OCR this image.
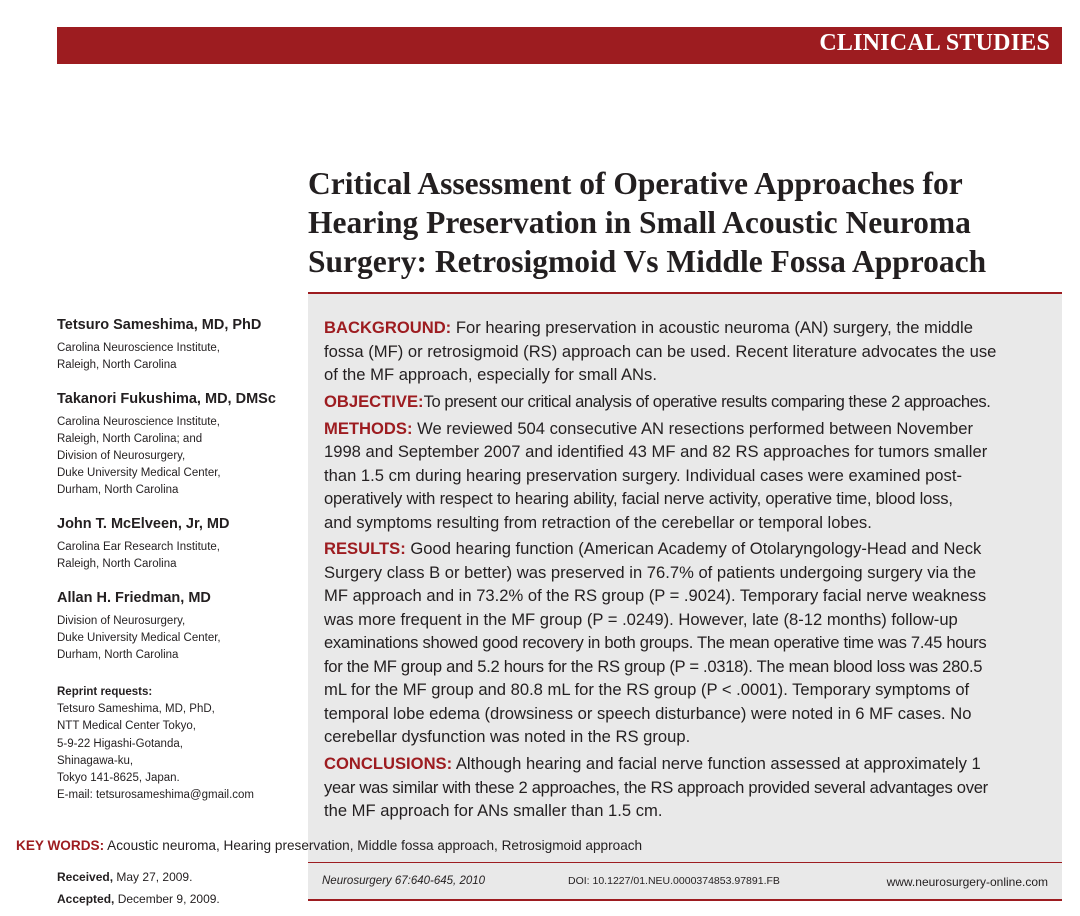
CLINICAL STUDIES
Critical Assessment of Operative Approaches for
Hearing Preservation in Small Acoustic Neuroma
Surgery: Retrosigmoid Vs Middle Fossa Approach
Tetsuro Sameshima, MD, PhD
Carolina Neuroscience Institute,
Raleigh, North Carolina
Takanori Fukushima, MD, DMSc
Carolina Neuroscience Institute,
Raleigh, North Carolina; and
Division of Neurosurgery,
Duke University Medical Center,
Durham, North Carolina
John T. McElveen, Jr, MD
Carolina Ear Research Institute,
Raleigh, North Carolina
Allan H. Friedman, MD
Division of Neurosurgery,
Duke University Medical Center,
Durham, North Carolina
Reprint requests:
Tetsuro Sameshima, MD, PhD,
NTT Medical Center Tokyo,
5-9-22 Higashi-Gotanda,
Shinagawa-ku,
Tokyo 141-8625, Japan.
E-mail: tetsurosameshima@gmail.com
Received, May 27, 2009.
Accepted, December 9, 2009.
BACKGROUND: For hearing preservation in acoustic neuroma (AN) surgery, the middle
fossa (MF) or retrosigmoid (RS) approach can be used. Recent literature advocates the use
of the MF approach, especially for small ANs.
OBJECTIVE:To present our critical analysis of operative results comparing these 2 approaches.
METHODS: We reviewed 504 consecutive AN resections performed between November
1998 and September 2007 and identified 43 MF and 82 RS approaches for tumors smaller
than 1.5 cm during hearing preservation surgery. Individual cases were examined post-
operatively with respect to hearing ability, facial nerve activity, operative time, blood loss,
and symptoms resulting from retraction of the cerebellar or temporal lobes.
RESULTS: Good hearing function (American Academy of Otolaryngology-Head and Neck
Surgery class B or better) was preserved in 76.7% of patients undergoing surgery via the
MF approach and in 73.2% of the RS group (P = .9024). Temporary facial nerve weakness
was more frequent in the MF group (P = .0249). However, late (8-12 months) follow-up
examinations showed good recovery in both groups. The mean operative time was 7.45 hours
for the MF group and 5.2 hours for the RS group (P = .0318). The mean blood loss was 280.5
mL for the MF group and 80.8 mL for the RS group (P < .0001). Temporary symptoms of
temporal lobe edema (drowsiness or speech disturbance) were noted in 6 MF cases. No
cerebellar dysfunction was noted in the RS group.
CONCLUSIONS: Although hearing and facial nerve function assessed at approximately 1
year was similar with these 2 approaches, the RS approach provided several advantages over
the MF approach for ANs smaller than 1.5 cm.
KEY WORDS: Acoustic neuroma, Hearing preservation, Middle fossa approach, Retrosigmoid approach
Neurosurgery 67:640-645, 2010	DOI: 10.1227/01.NEU.0000374853.97891.FB	www.neurosurgery-online.com
